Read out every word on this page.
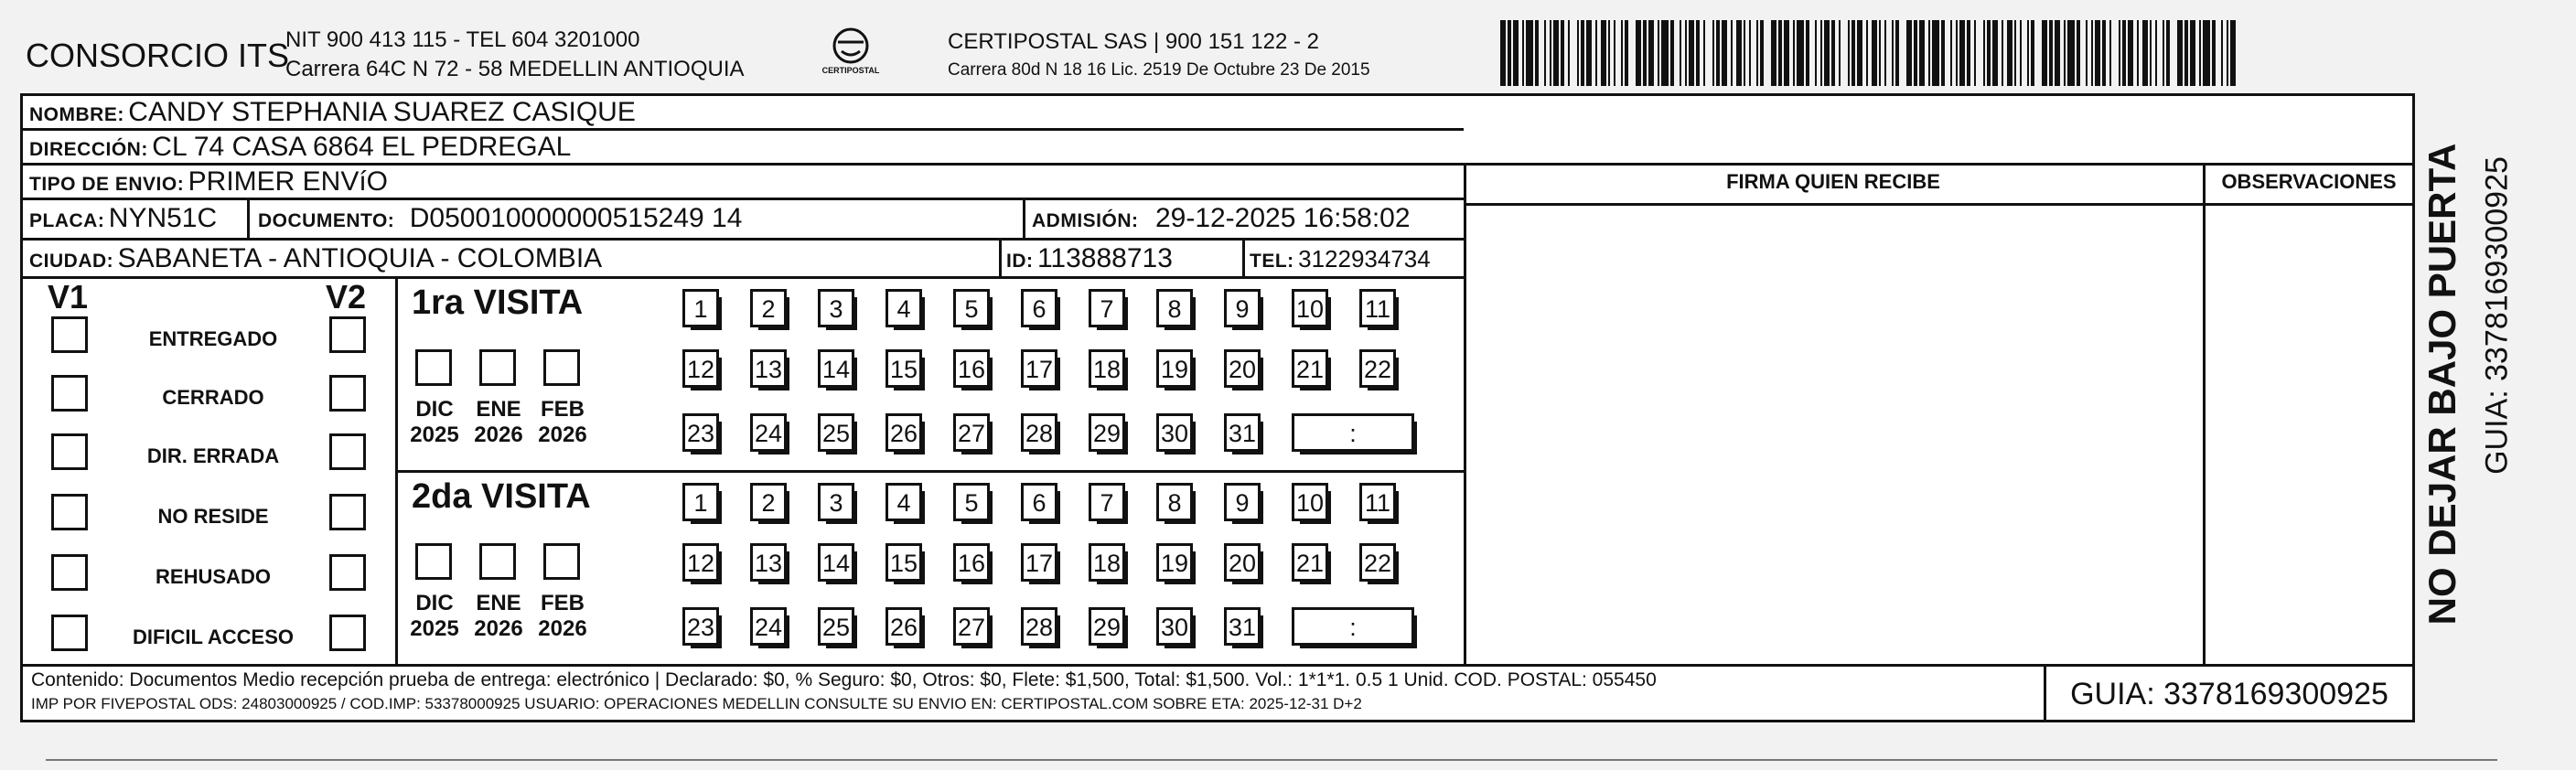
CONSORCIO ITS
NIT 900 413 115 - TEL 604 3201000
Carrera 64C N 72 - 58 MEDELLIN ANTIOQUIA	CERTIPOSTAL
CERTIPOSTAL SAS | 900 151 122 - 2
Carrera 80d N 18 16 Lic. 2519 De Octubre 23 De 2015
NOMBRE: CANDY STEPHANIA SUAREZ CASIQUE
DIRECCIÓN: CL 74 CASA 6864 EL PEDREGAL
TIPO DE ENVIO: PRIMER ENVíO	FIRMA QUIEN RECIBE	OBSERVACIONES
PLACA: NYN51C DOCUMENTO: D050010000000515249 14	ADMISIÓN: 29-12-2025 16:58:02
CIUDAD: SABANETA - ANTIOQUIA - COLOMBIA	ID: 113888713	TEL: 3122934734
V1	V2
ENTREGADO
CERRADO
DIR. ERRADA
NO RESIDE
REHUSADO
DIFICIL ACCESO
1ra VISITA
DIC
2025
ENE
2026
FEB
2026
1	2	3	4	5	6	7	8	9	10 11
12 13 14 15 16 17 18 19 20 21 22
23 24 25 26 27 28 29 30 31	:
2da VISITA
DIC
2025
ENE
2026
FEB
2026
1	2	3	4	5	6	7	8	9	10 11
12 13 14 15 16 17 18 19 20 21 22
23 24 25 26 27 28 29 30 31	:
Contenido: Documentos Medio recepción prueba de entrega: electrónico | Declarado: $0, % Seguro: $0, Otros: $0, Flete: $1,500, Total: $1,500. Vol.: 1*1*1. 0.5 1 Unid. COD. POSTAL: 055450
IMP POR FIVEPOSTAL ODS: 24803000925 / COD.IMP: 53378000925 USUARIO: OPERACIONES MEDELLIN CONSULTE SU ENVIO EN: CERTIPOSTAL.COM SOBRE ETA: 2025-12-31 D+2	GUIA: 3378169300925
NO DEJAR BAJO PUERTA GUIA: 3378169300925
